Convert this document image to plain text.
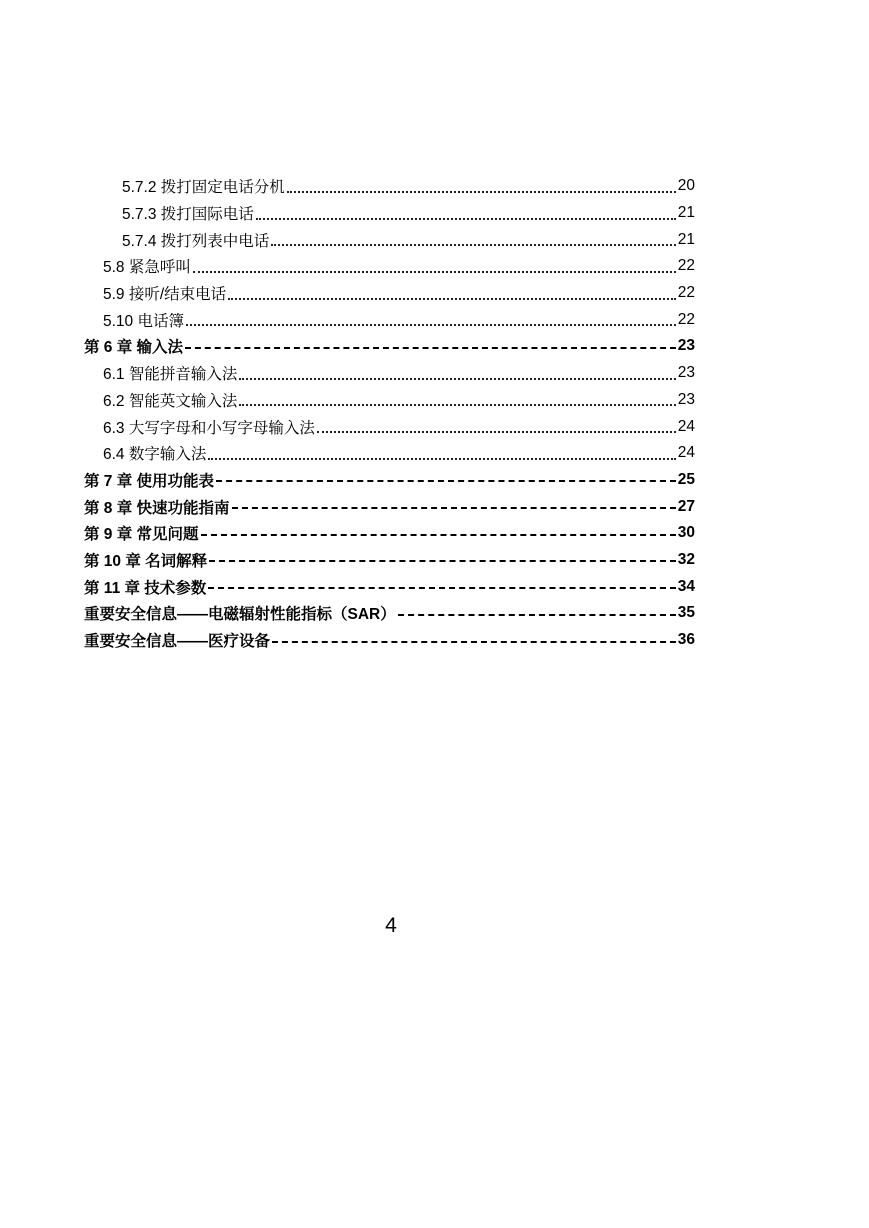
5.7.2 拨打固定电话分机	20
5.7.3 拨打国际电话	21
5.7.4 拨打列表中电话	21
5.8 紧急呼叫	22
5.9 接听/结束电话	22
5.10 电话簿	22
第 6 章 输入法	23
6.1 智能拼音输入法	23
6.2 智能英文输入法	23
6.3 大写字母和小写字母输入法	24
6.4 数字输入法	24
第 7 章 使用功能表	25
第 8 章 快速功能指南	27
第 9 章 常见问题	30
第 10 章 名词解释	32
第 11 章 技术参数	34
重要安全信息——电磁辐射性能指标（SAR）	35
重要安全信息——医疗设备	36
4
